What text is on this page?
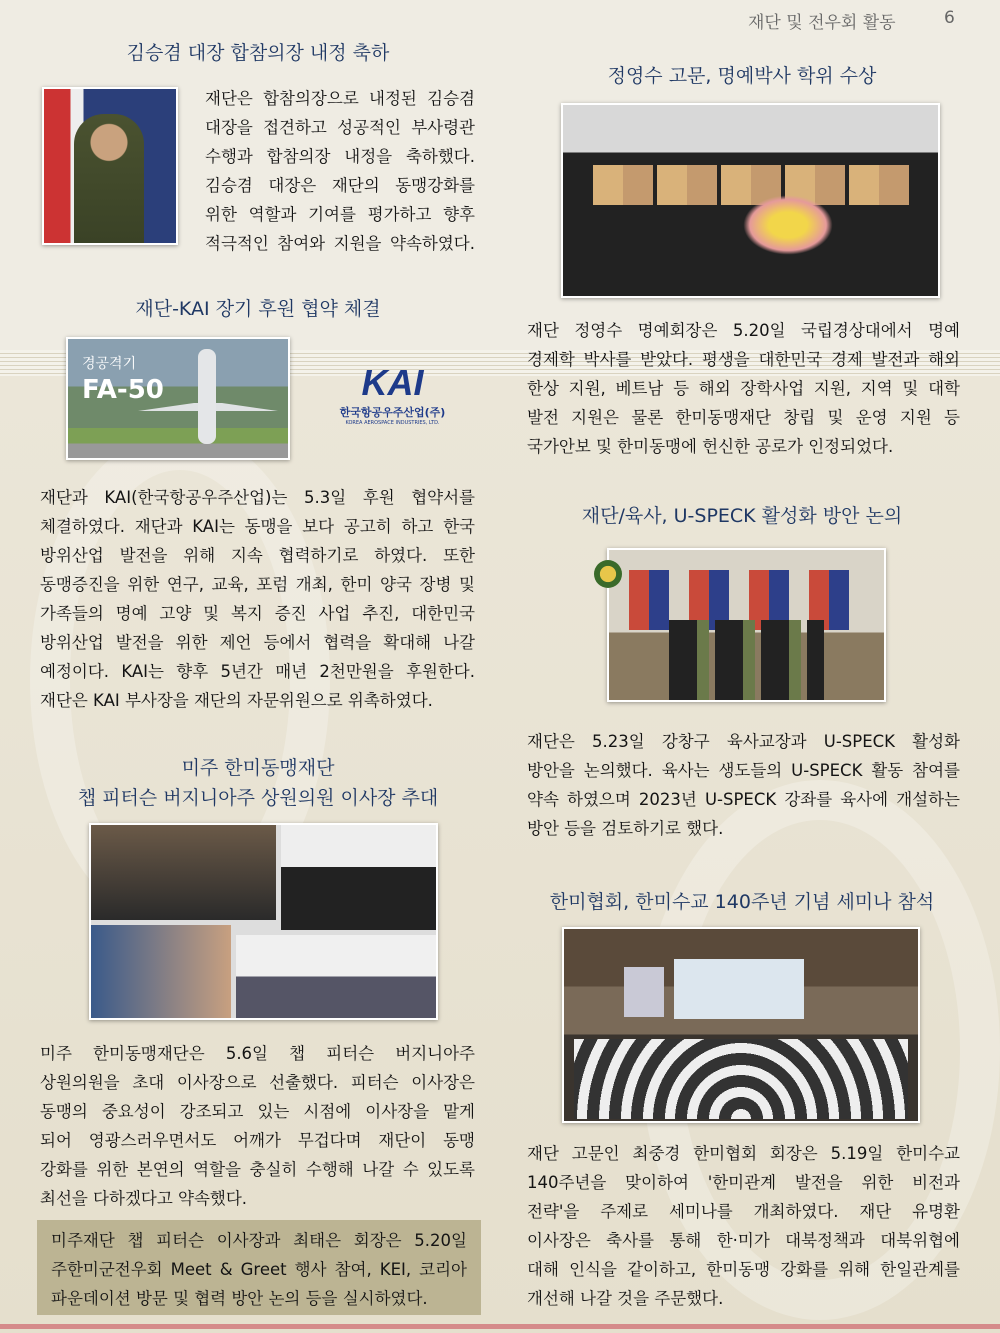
재단 및 전우회 활동	6
김승겸 대장 합참의장 내정 축하
재단은 합참의장으로 내정된 김승겸
대장을 접견하고 성공적인 부사령관
수행과 합참의장 내정을 축하했다.
김승겸 대장은 재단의 동맹강화를
위한 역할과 기여를 평가하고 향후
적극적인 참여와 지원을 약속하였다.
정영수 고문, 명예박사 학위 수상
재단 정영수 명예회장은 5.20일 국립경상대에서 명예
경제학 박사를 받았다. 평생을 대한민국 경제 발전과 해외
한상 지원, 베트남 등 해외 장학사업 지원, 지역 및 대학
발전 지원은 물론 한미동맹재단 창립 및 운영 지원 등
국가안보 및 한미동맹에 헌신한 공로가 인정되었다.
재단-KAI 장기 후원 협약 체결
경공격기
FA-50	KAI
한국항공우주산업(주)
KOREA AEROSPACE INDUSTRIES, LTD.
재단과 KAI(한국항공우주산업)는 5.3일 후원 협약서를
체결하였다. 재단과 KAI는 동맹을 보다 공고히 하고 한국
방위산업 발전을 위해 지속 협력하기로 하였다. 또한
동맹증진을 위한 연구, 교육, 포럼 개최, 한미 양국 장병 및
가족들의 명예 고양 및 복지 증진 사업 추진, 대한민국
방위산업 발전을 위한 제언 등에서 협력을 확대해 나갈
예정이다. KAI는 향후 5년간 매년 2천만원을 후원한다.
재단은 KAI 부사장을 재단의 자문위원으로 위촉하였다.
재단/육사, U-SPECK 활성화 방안 논의
재단은 5.23일 강창구 육사교장과 U-SPECK 활성화
방안을 논의했다. 육사는 생도들의 U-SPECK 활동 참여를
약속 하였으며 2023년 U-SPECK 강좌를 육사에 개설하는
방안 등을 검토하기로 했다.
미주 한미동맹재단
챕 피터슨 버지니아주 상원의원 이사장 추대
미주 한미동맹재단은 5.6일 챕 피터슨 버지니아주
상원의원을 초대 이사장으로 선출했다. 피터슨 이사장은
동맹의 중요성이 강조되고 있는 시점에 이사장을 맡게
되어 영광스러우면서도 어깨가 무겁다며 재단이 동맹
강화를 위한 본연의 역할을 충실히 수행해 나갈 수 있도록
최선을 다하겠다고 약속했다.
미주재단 챕 피터슨 이사장과 최태은 회장은 5.20일
주한미군전우회 Meet & Greet 행사 참여, KEI, 코리아
파운데이션 방문 및 협력 방안 논의 등을 실시하였다.
한미협회, 한미수교 140주년 기념 세미나 참석
재단 고문인 최중경 한미협회 회장은 5.19일 한미수교
140주년을 맞이하여 '한미관계 발전을 위한 비전과
전략'을 주제로 세미나를 개최하였다. 재단 유명환
이사장은 축사를 통해 한·미가 대북정책과 대북위협에
대해 인식을 같이하고, 한미동맹 강화를 위해 한일관계를
개선해 나갈 것을 주문했다.
